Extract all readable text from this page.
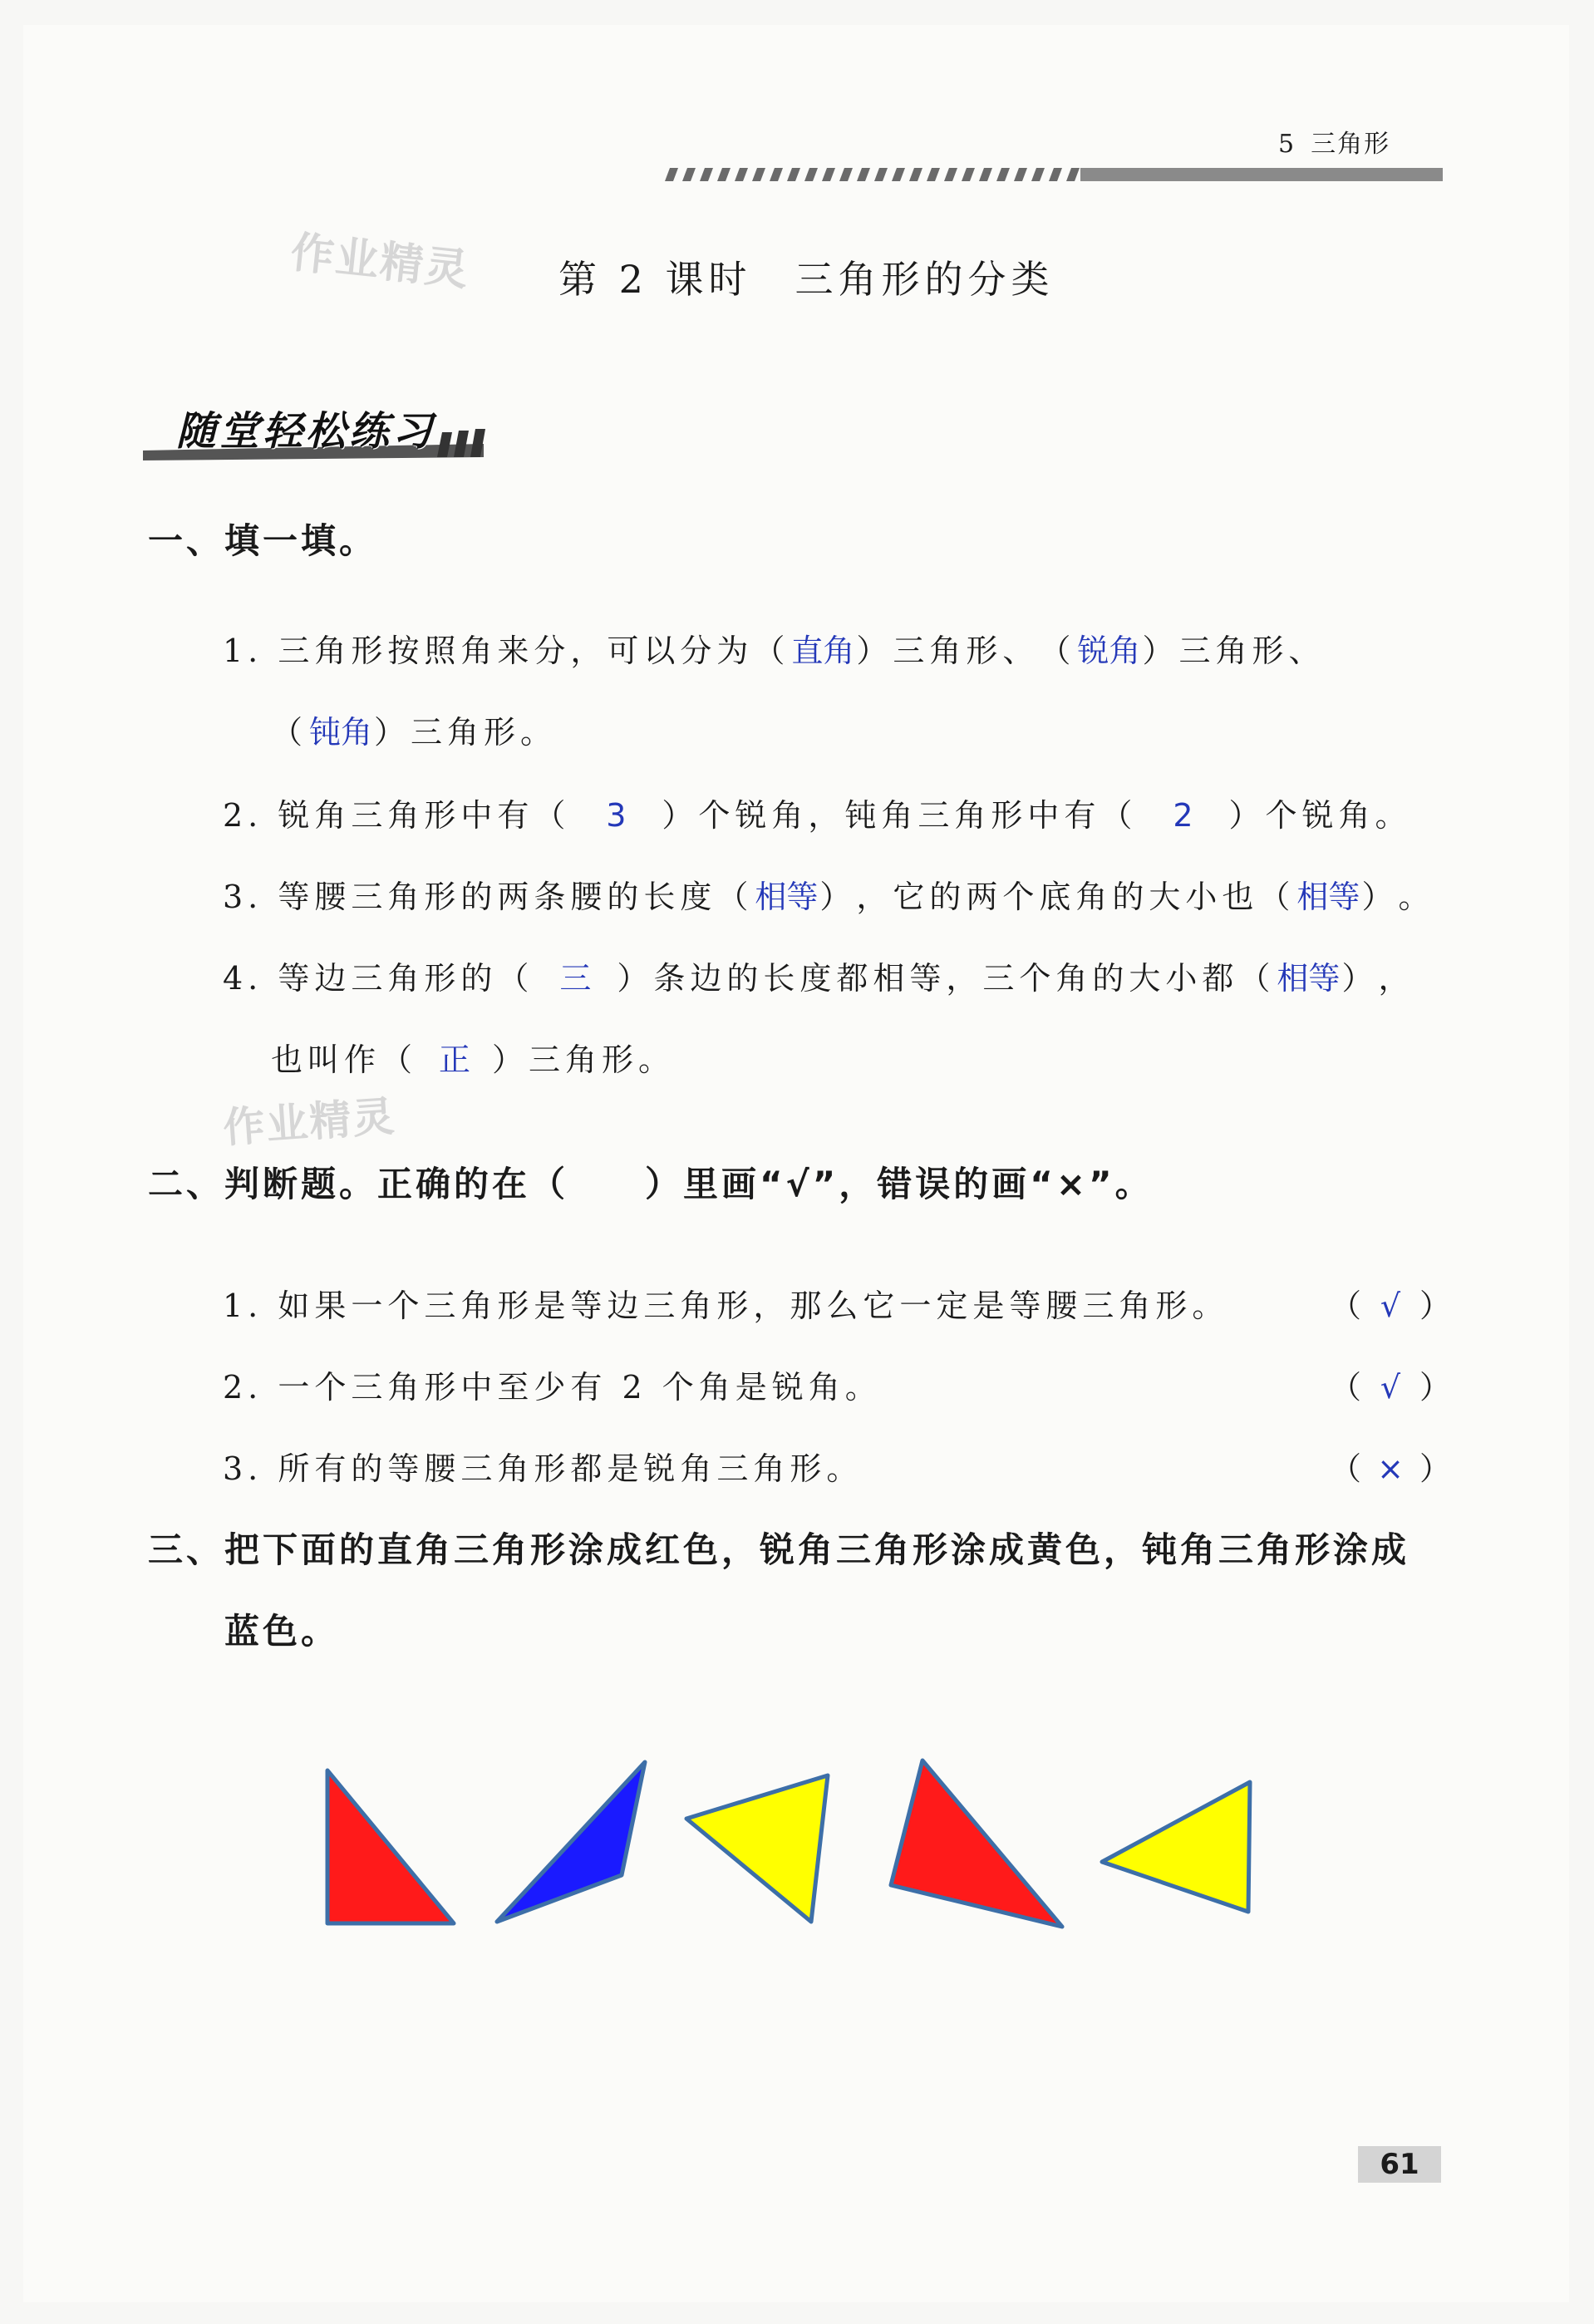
5 三角形
作业精灵 第 2 课时 三角形的分类
随堂轻松练习
一、填一填。
1. 三角形按照角来分，可以分为（直角）三角形、（锐角）三角形、
（钝角）三角形。
2. 锐角三角形中有（ 3 ）个锐角，钝角三角形中有（ 2 ）个锐角。
3. 等腰三角形的两条腰的长度（相等），它的两个底角的大小也（相等）。
4. 等边三角形的（ 三 ）条边的长度都相等，三个角的大小都（相等），
也叫作（ 正 ）三角形。
作业精灵
二、判断题。正确的在（　　）里画“√”，错误的画“×”。
1. 如果一个三角形是等边三角形，那么它一定是等腰三角形。	（ √ ）
2. 一个三角形中至少有 2 个角是锐角。	（ √ ）
3. 所有的等腰三角形都是锐角三角形。	（ × ）
三、把下面的直角三角形涂成红色，锐角三角形涂成黄色，钝角三角形涂成
蓝色。
61
